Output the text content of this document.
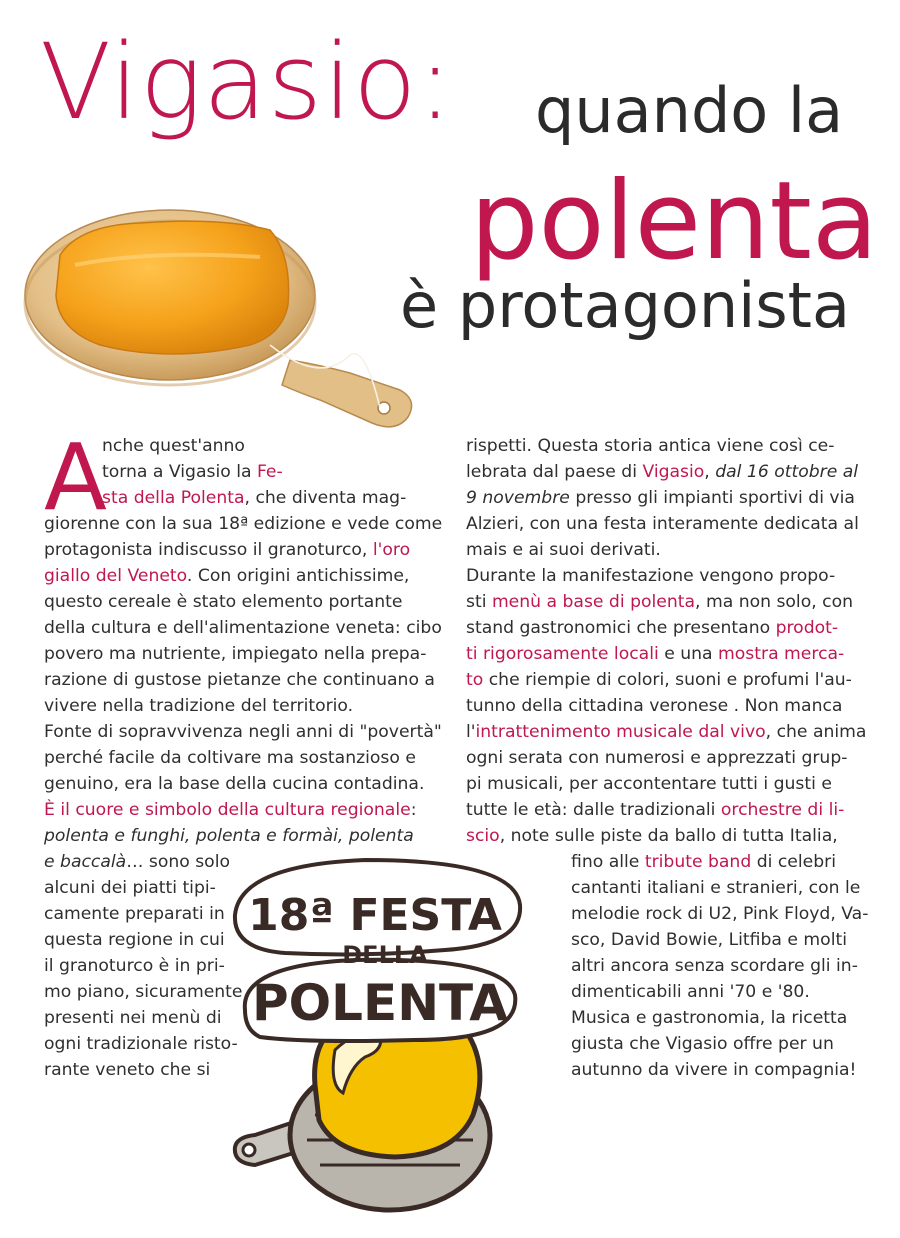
Vigasio: quando la
polenta
è protagonista
A
nche quest'anno
torna a Vigasio la Fe-
sta della Polenta, che diventa mag-
giorenne con la sua 18ª edizione e vede come
protagonista indiscusso il granoturco, l'oro
giallo del Veneto. Con origini antichissime,
questo cereale è stato elemento portante
della cultura e dell'alimentazione veneta: cibo
povero ma nutriente, impiegato nella prepa-
razione di gustose pietanze che continuano a
vivere nella tradizione del territorio.
Fonte di sopravvivenza negli anni di "povertà"
perché facile da coltivare ma sostanzioso e
genuino, era la base della cucina contadina.
È il cuore e simbolo della cultura regionale:
polenta e funghi, polenta e formài, polenta
e baccalà… sono solo
alcuni dei piatti tipi-
camente preparati in
questa regione in cui
il granoturco è in pri-
mo piano, sicuramente
presenti nei menù di
ogni tradizionale risto-
rante veneto che si
rispetti. Questa storia antica viene così ce-
lebrata dal paese di Vigasio, dal 16 ottobre al
9 novembre presso gli impianti sportivi di via
Alzieri, con una festa interamente dedicata al
mais e ai suoi derivati.
Durante la manifestazione vengono propo-
sti menù a base di polenta, ma non solo, con
stand gastronomici che presentano prodot-
ti rigorosamente locali e una mostra merca-
to che riempie di colori, suoni e profumi l'au-
tunno della cittadina veronese . Non manca
l'intrattenimento musicale dal vivo, che anima
ogni serata con numerosi e apprezzati grup-
pi musicali, per accontentare tutti i gusti e
tutte le età: dalle tradizionali orchestre di li-
scio, note sulle piste da ballo di tutta Italia,
fino alle tribute band di celebri
cantanti italiani e stranieri, con le
melodie rock di U2, Pink Floyd, Va-
sco, David Bowie, Litfiba e molti
altri ancora senza scordare gli in-
dimenticabili anni '70 e '80.
Musica e gastronomia, la ricetta
giusta che Vigasio offre per un
autunno da vivere in compagnia!
18ª FESTA
DELLA
POLENTA
